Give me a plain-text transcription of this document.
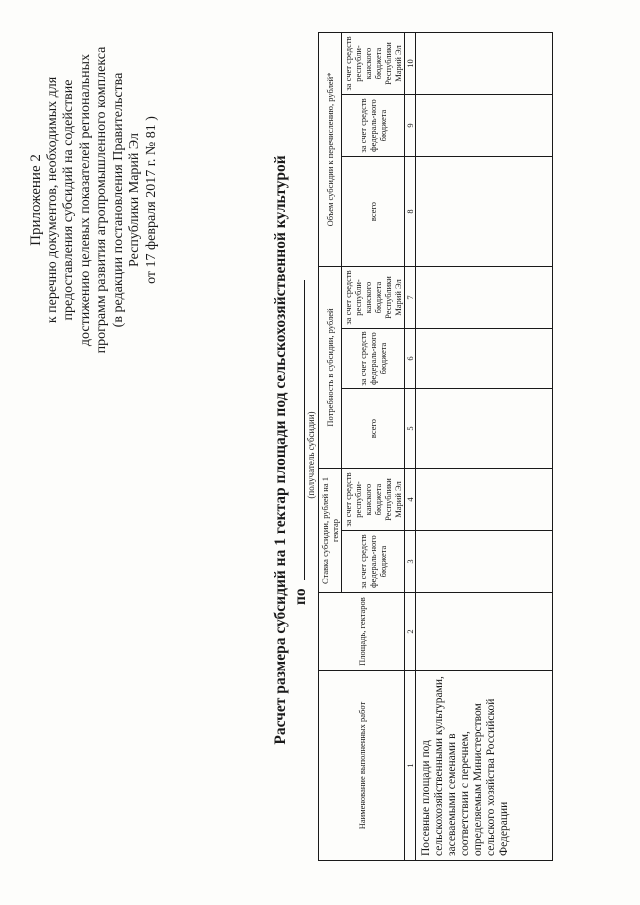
Приложение 2 к перечню документов, необходимых для предоставления субсидий на содействие достижению целевых показателей региональных программ развития агропромышленного комплекса (в редакции постановления Правительства Республики Марий Эл от 17 февраля 2017 г. № 81 )	Расчет размера субсидий на 1 гектар площади под сельскохозяйственной культурой по
(получатель субсидии)
Наименование выполненных работ	Площадь, гектаров	Ставка субсидии, рублей на 1 гектар		Потребность в субсидии, рублей			Объем субсидии к перечислению, рублей*		
		за счет средств федераль-ного бюджета	за счет средств республи-канского бюджета Республики Марий Эл	всего	за счет средств федераль-ного бюджета	за счет средств республи-канского бюджета Республики Марий Эл	всего	за счет средств федераль-ного бюджета	за счет средств республи-канского бюджета Республики Марий Эл
1	2	3	4	5	6	7	8	9	10
Посевные площади под сельскохозяйственными культурами, засеваемыми семенами в соответствии с перечнем, определяемым Министерством сельского хозяйства Российской Федерации									
